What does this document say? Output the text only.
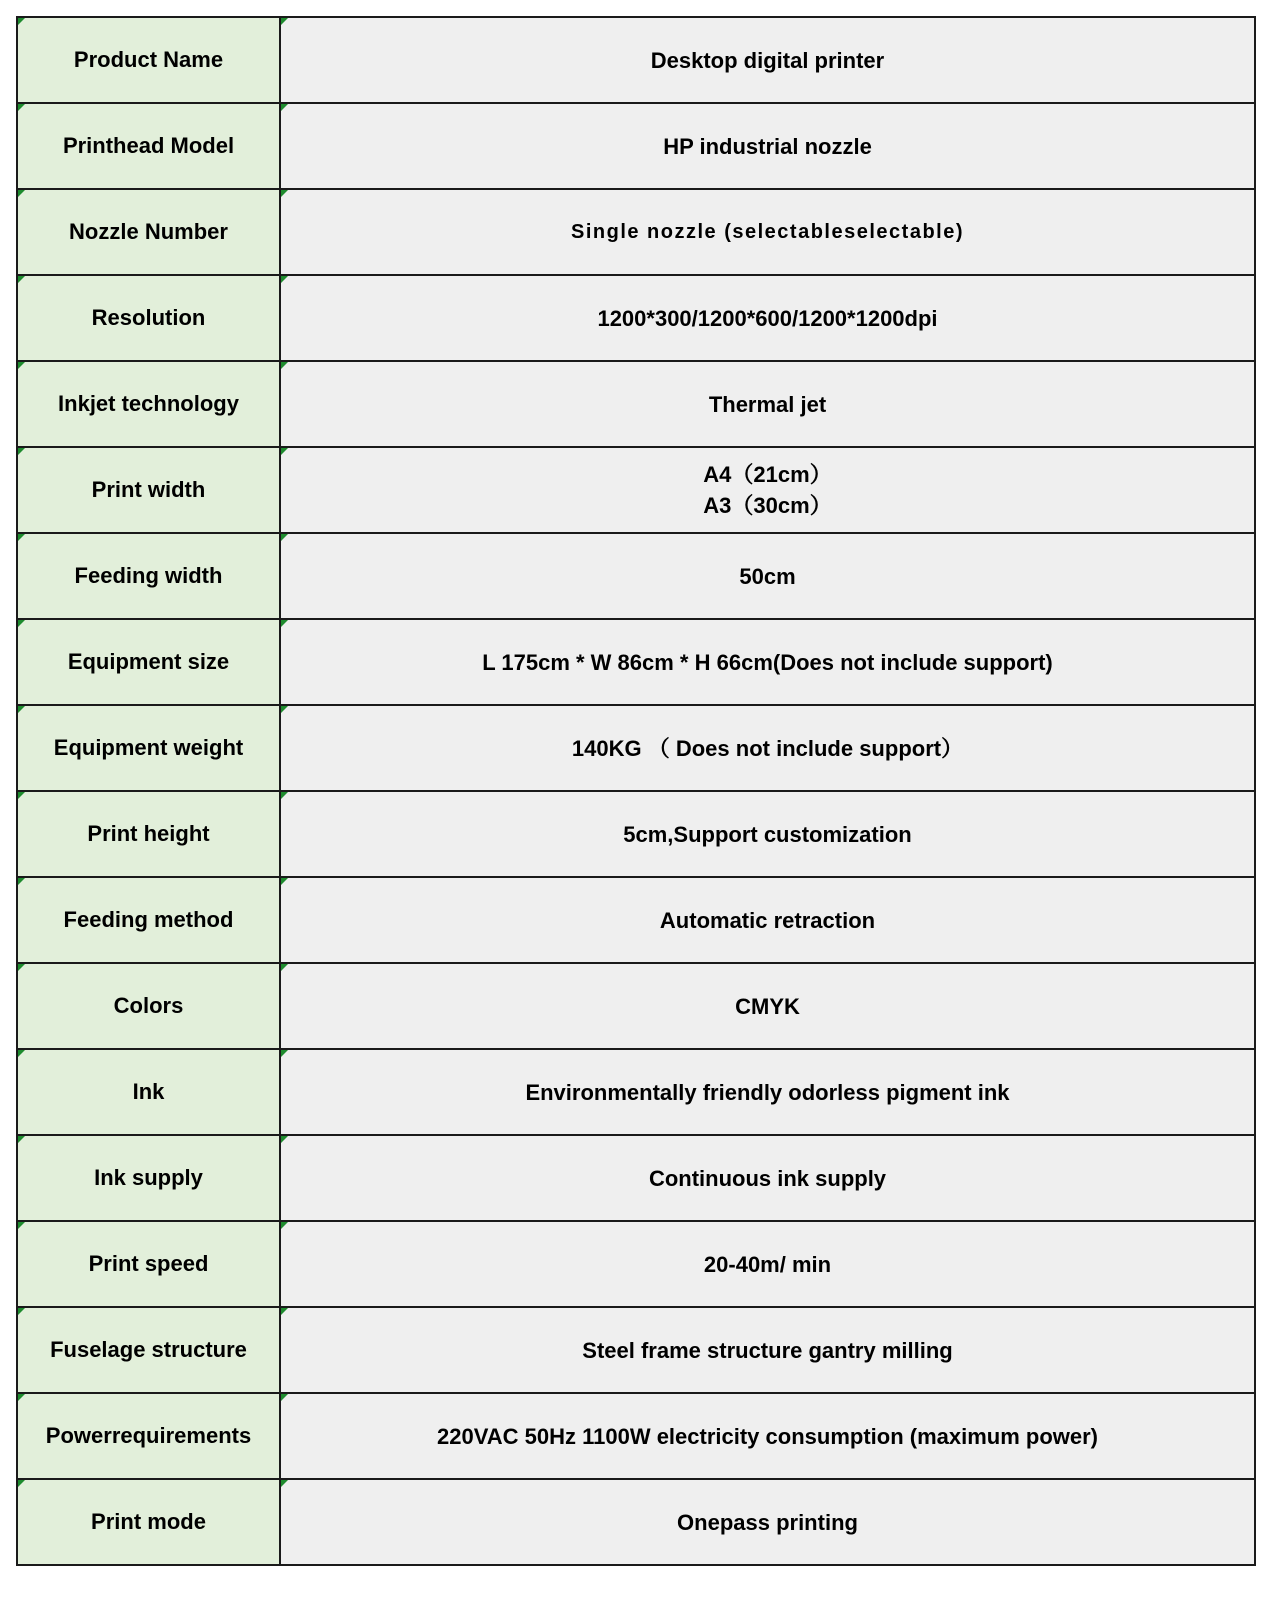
Product Name	Desktop digital printer

Printhead Model	HP industrial nozzle

Nozzle Number	Single nozzle (selectableselectable)

Resolution	1200*300/1200*600/1200*1200dpi

Inkjet technology	Thermal jet

Print width	A4（21cm）
A3（30cm）

Feeding width	50cm

Equipment size	L 175cm * W 86cm * H 66cm(Does not include support)

Equipment weight	140KG （ Does not include support）

Print height	5cm,Support customization

Feeding method	Automatic retraction

Colors	CMYK

Ink	Environmentally friendly odorless pigment ink

Ink supply	Continuous ink supply

Print speed	20-40m/ min

Fuselage structure	Steel frame structure gantry milling

Powerrequirements	220VAC 50Hz 1100W electricity consumption (maximum power)

Print mode	Onepass printing
